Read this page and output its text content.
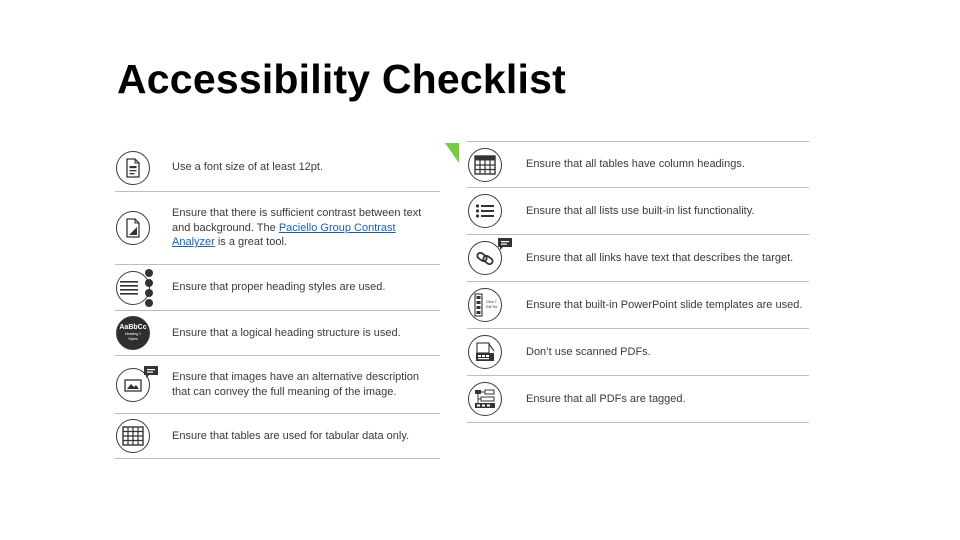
Accessibility Checklist
Use a font size of at least 12pt.
Ensure that there is sufficient contrast between text and background. The Paciello Group Contrast Analyzer is a great tool.
Ensure that proper heading styles are used.
AaBbCc
Heading 1
Styles
Ensure that a logical heading structure is used.
Ensure that images have an alternative description that can convey the full meaning of the image.
Ensure that tables are used for tabular data only.
Ensure that all tables have column headings.
Ensure that all lists use built-in list functionality.
Ensure that all links have text that describes the target.
Click T
Edit Tex	Ensure that built-in PowerPoint slide templates are used.
Don’t use scanned PDFs.
Ensure that all PDFs are tagged.
